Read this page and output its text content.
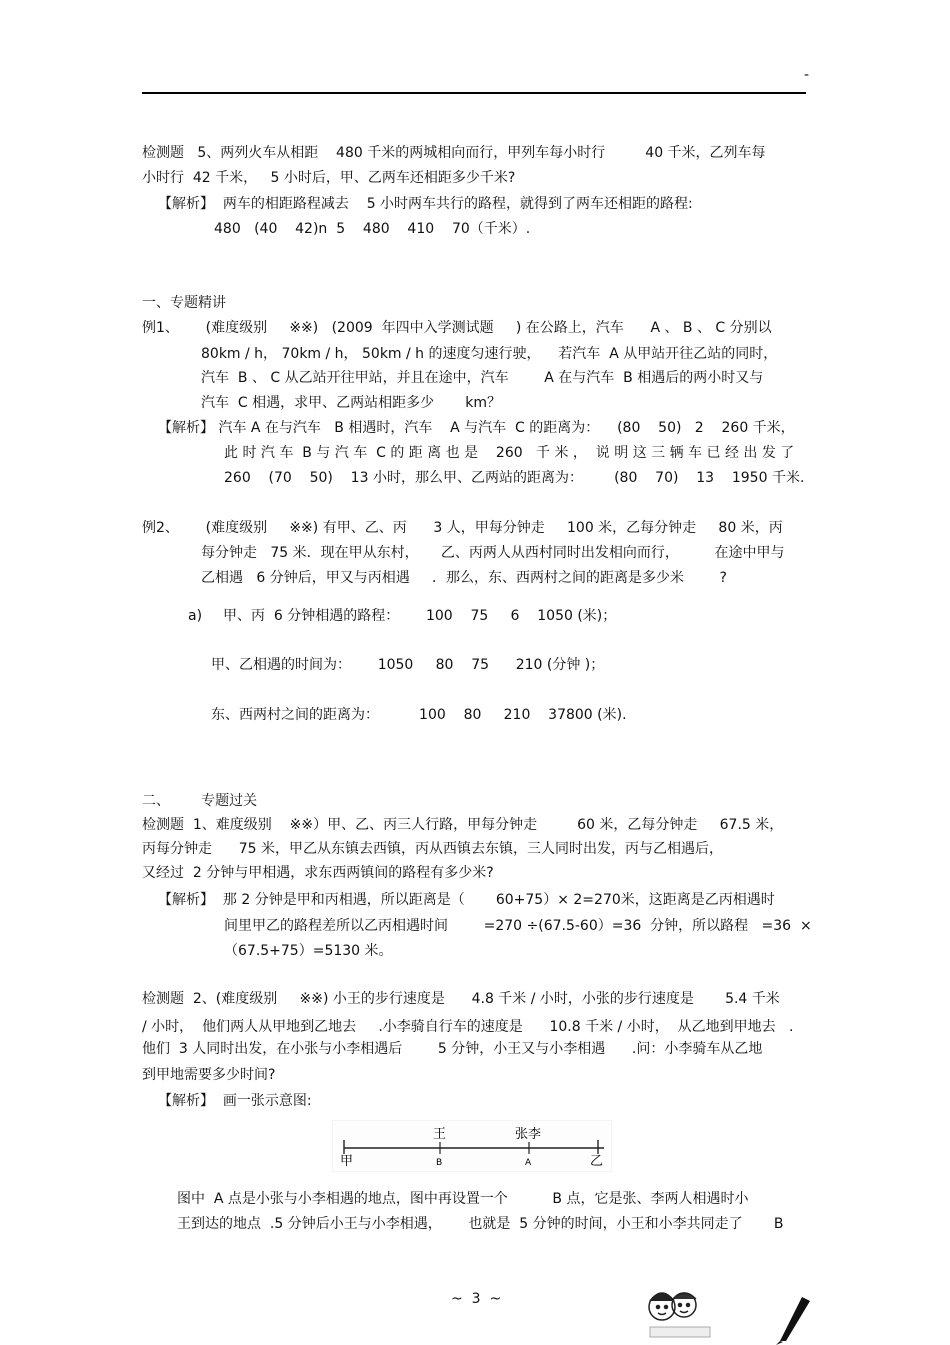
-
检测题   5、两列火车从相距    480 千米的两城相向而行，甲列车每小时行         40 千米，乙列车每
小时行  42 千米，   5 小时后，甲、乙两车还相距多少千米?
【解析】  两车的相距路程减去    5 小时两车共行的路程，就得到了两车还相距的路程:
480   (40    42)n  5    480    410    70（千米）.
一、专题精讲
例1、      (难度级别     ※※)   (2009  年四中入学测试题     ) 在公路上，汽车      A 、 B 、 C 分别以
80km / h， 70km / h， 50km / h 的速度匀速行驶，    若汽车  A 从甲站开往乙站的同时，
汽车  B 、 C 从乙站开往甲站，并且在途中，汽车        A 在与汽车  B 相遇后的两小时又与
汽车  C 相遇，求甲、乙两站相距多少       km？
【解析】 汽车 A 在与汽车   B 相遇时，汽车    A 与汽车  C 的距离为：    (80    50)   2    260 千米，
此 时 汽 车  B 与 汽 车  C 的 距 离 也 是    260   千 米 ，  说 明 这 三 辆 车 已 经 出 发 了
260    (70    50)    13 小时，那么甲、乙两站的距离为：       (80    70)    13    1950 千米.
例2、      (难度级别     ※※) 有甲、乙、丙      3 人，甲每分钟走     100 米，乙每分钟走     80 米，丙
每分钟走   75 米．现在甲从东村，     乙、丙两人从西村同时出发相向而行，        在途中甲与
乙相遇   6 分钟后，甲又与丙相遇     ．那么，东、西两村之间的距离是多少米        ?
a) 甲、丙  6 分钟相遇的路程：      100    75     6    1050 (米)；
甲、乙相遇的时间为：      1050     80    75      210 (分钟 )；
东、西两村之间的距离为：         100    80     210    37800 (米).
二、       专题过关
检测题  1、难度级别    ※※）甲、乙、丙三人行路，甲每分钟走         60 米，乙每分钟走     67.5 米，
丙每分钟走      75 米，甲乙从东镇去西镇，丙从西镇去东镇，三人同时出发，丙与乙相遇后，
又经过  2 分钟与甲相遇，求东西两镇间的路程有多少米?
【解析】  那 2 分钟是甲和丙相遇，所以距离是（       60+75）× 2=270米，这距离是乙丙相遇时
间里甲乙的路程差所以乙丙相遇时间        =270 ÷(67.5-60）=36  分钟，所以路程   =36  ×
（67.5+75）=5130 米。
检测题  2、(难度级别     ※※) 小王的步行速度是      4.8 千米 / 小时，小张的步行速度是       5.4 千米
/ 小时，  他们两人从甲地到乙地去     .小李骑自行车的速度是      10.8 千米 / 小时，  从乙地到甲地去   .
他们  3 人同时出发，在小张与小李相遇后        5 分钟，小王又与小李相遇      .问：小李骑车从乙地
到甲地需要多少时间?
【解析】  画一张示意图:
甲	乙
王	张李
B	A
图中  A 点是小张与小李相遇的地点，图中再设置一个          B 点，它是张、李两人相遇时小
王到达的地点  .5 分钟后小王与小李相遇，      也就是  5 分钟的时间，小王和小李共同走了       B
~  3  ~
